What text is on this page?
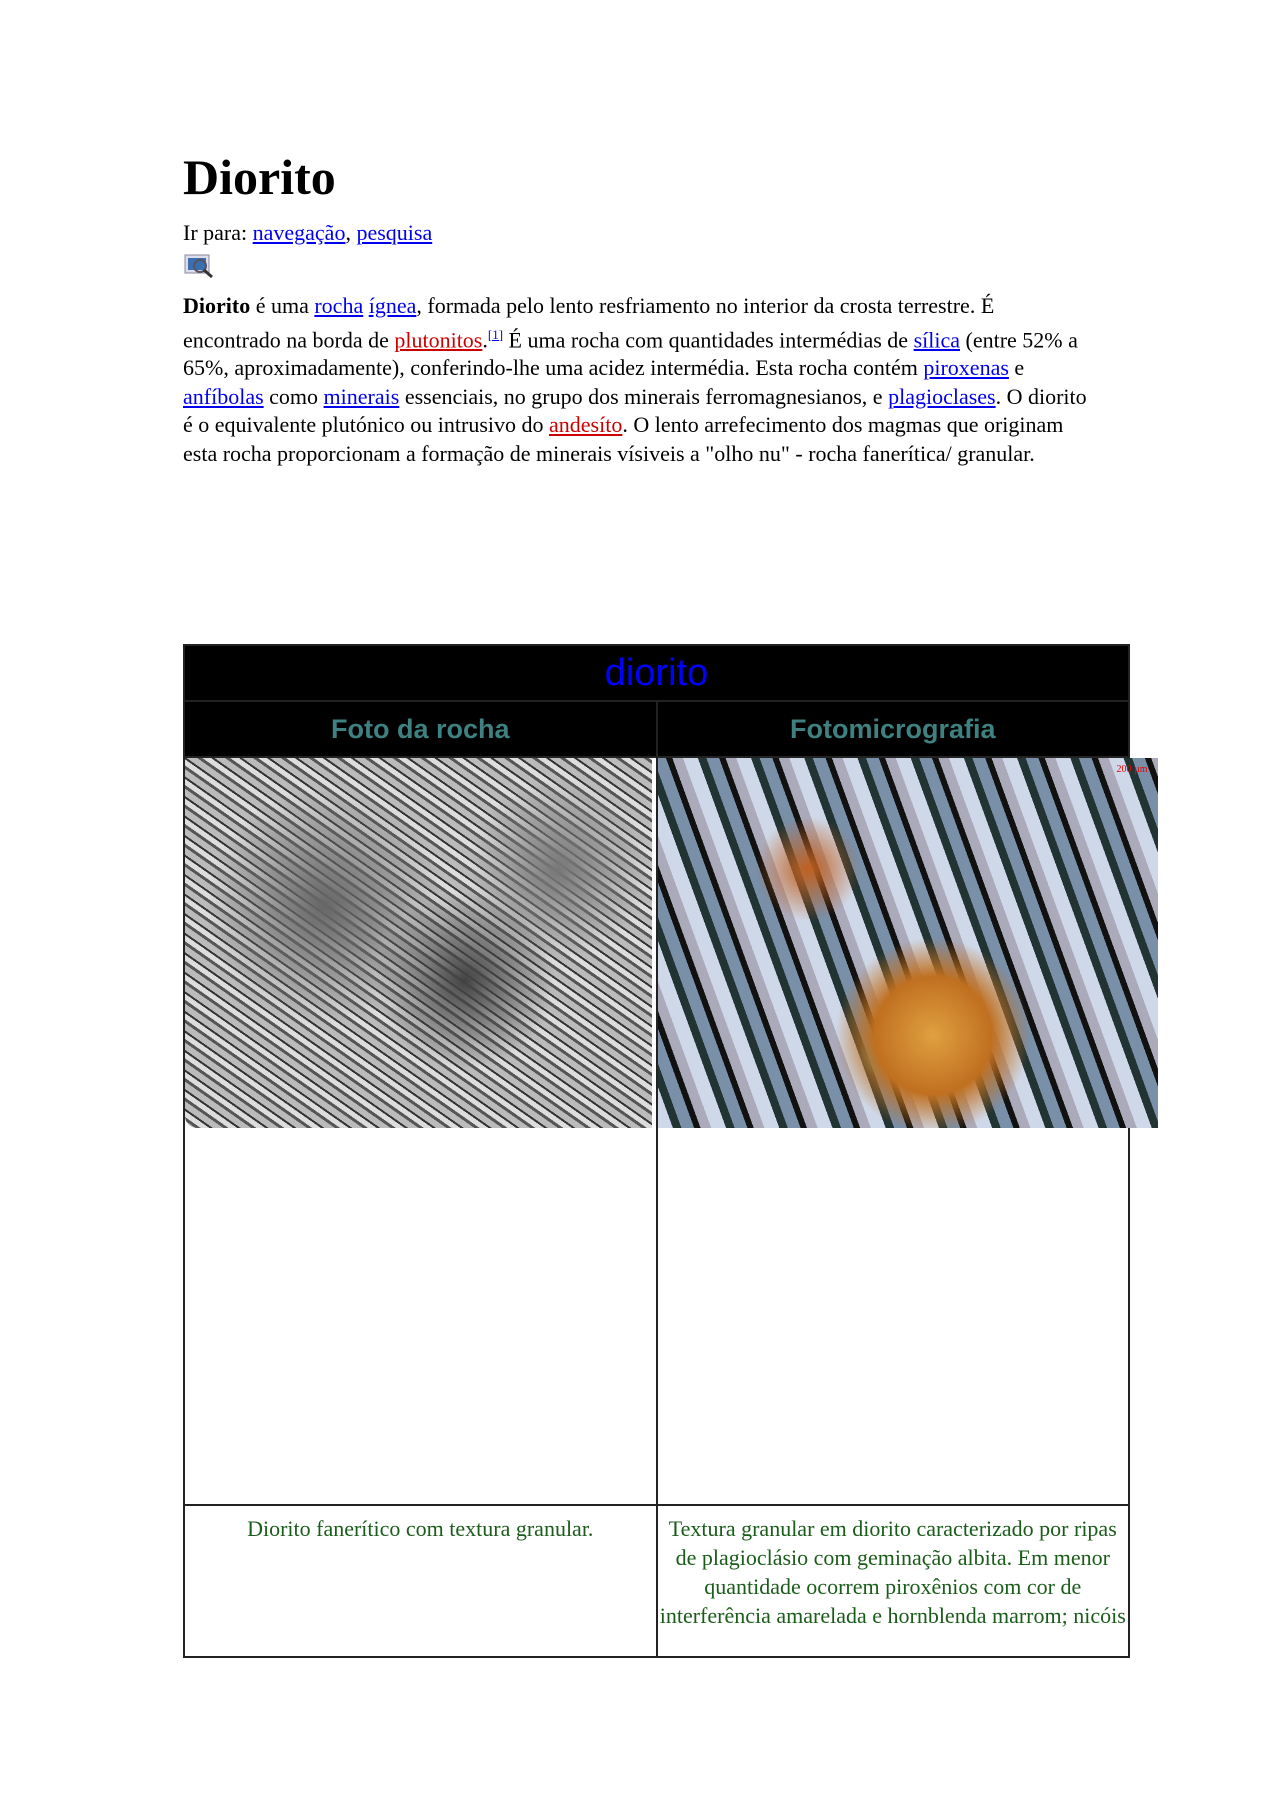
Diorito
Ir para: navegação, pesquisa

Diorito é uma rocha ígnea, formada pelo lento resfriamento no interior da crosta terrestre. É encontrado na borda de plutonitos.[1] É uma rocha com quantidades intermédias de sílica (entre 52% a 65%, aproximadamente), conferindo-lhe uma acidez intermédia. Esta rocha contém piroxenas e anfíbolas como minerais essenciais, no grupo dos minerais ferromagnesianos, e plagioclases. O diorito é o equivalente plutónico ou intrusivo do andesíto. O lento arrefecimento dos magmas que originam esta rocha proporcionam a formação de minerais vísiveis a "olho nu" - rocha fanerítica/ granular.

diorito	
Foto da rocha	Fotomicrografia

	200 µm

Diorito fanerítico com textura granular.	Textura granular em diorito caracterizado por ripas de plagioclásio com geminação albita. Em menor quantidade ocorrem piroxênios com cor de interferência amarelada e hornblenda marrom; nicóis
